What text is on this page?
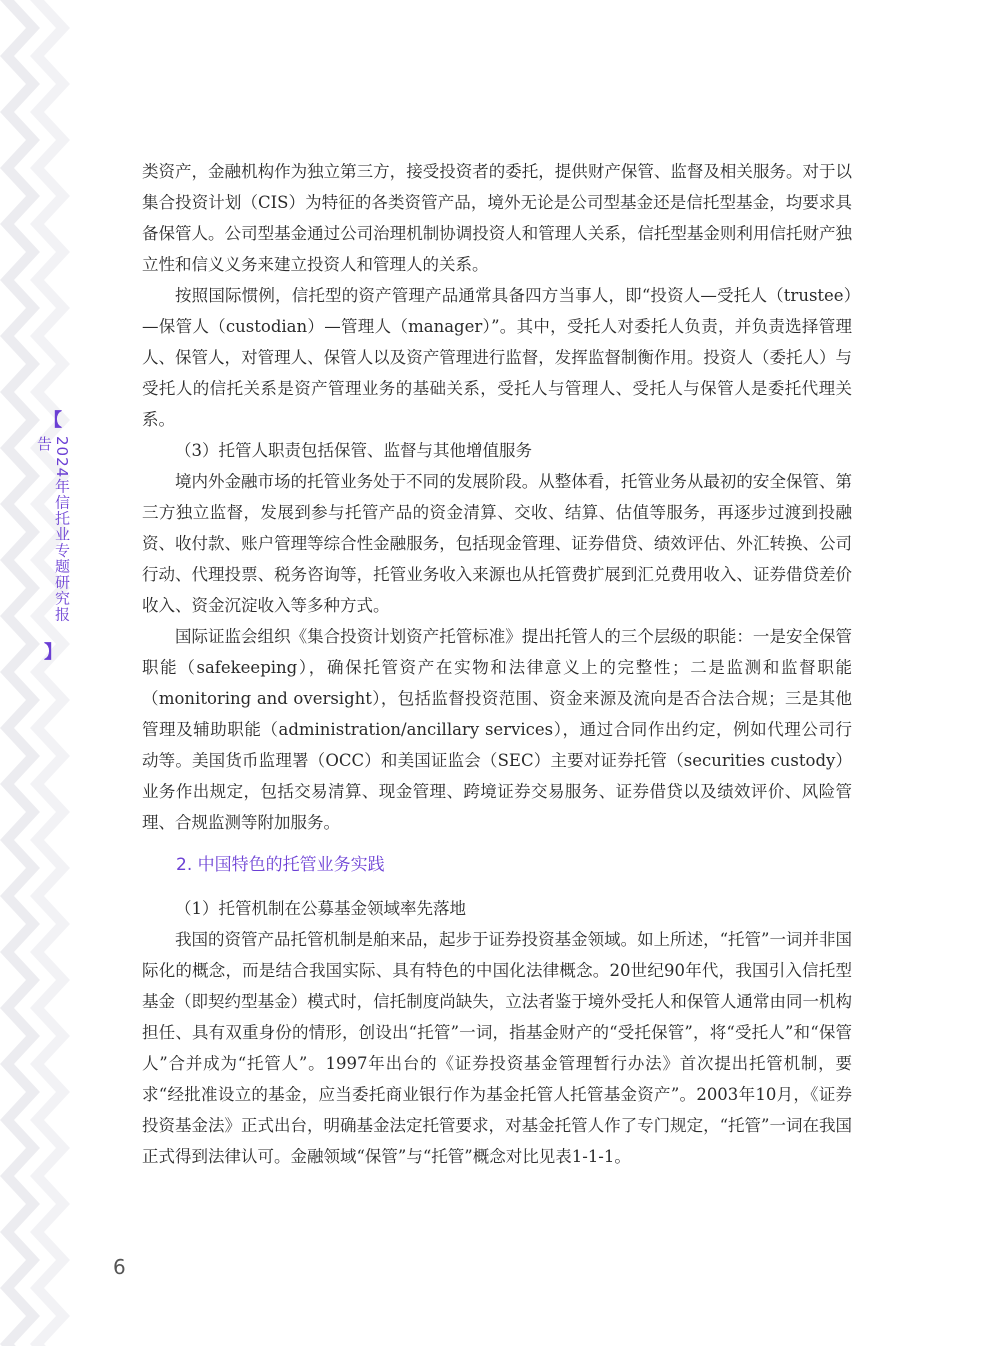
【
2024年信托业专题研究报告
】

类资产，金融机构作为独立第三方，接受投资者的委托，提供财产保管、监督及相关服务。对于以集合投资计划（CIS）为特征的各类资管产品，境外无论是公司型基金还是信托型基金，均要求具备保管人。公司型基金通过公司治理机制协调投资人和管理人关系，信托型基金则利用信托财产独立性和信义义务来建立投资人和管理人的关系。

按照国际惯例，信托型的资产管理产品通常具备四方当事人，即“投资人—受托人（trustee）—保管人（custodian）—管理人（manager）”。其中，受托人对委托人负责，并负责选择管理人、保管人，对管理人、保管人以及资产管理进行监督，发挥监督制衡作用。投资人（委托人）与受托人的信托关系是资产管理业务的基础关系，受托人与管理人、受托人与保管人是委托代理关系。

（3）托管人职责包括保管、监督与其他增值服务

境内外金融市场的托管业务处于不同的发展阶段。从整体看，托管业务从最初的安全保管、第三方独立监督，发展到参与托管产品的资金清算、交收、结算、估值等服务，再逐步过渡到投融资、收付款、账户管理等综合性金融服务，包括现金管理、证券借贷、绩效评估、外汇转换、公司行动、代理投票、税务咨询等，托管业务收入来源也从托管费扩展到汇兑费用收入、证券借贷差价收入、资金沉淀收入等多种方式。

国际证监会组织《集合投资计划资产托管标准》提出托管人的三个层级的职能：一是安全保管职能（safekeeping），确保托管资产在实物和法律意义上的完整性；二是监测和监督职能（monitoring and oversight），包括监督投资范围、资金来源及流向是否合法合规；三是其他管理及辅助职能（administration/ancillary services），通过合同作出约定，例如代理公司行动等。美国货币监理署（OCC）和美国证监会（SEC）主要对证券托管（securities custody）业务作出规定，包括交易清算、现金管理、跨境证券交易服务、证券借贷以及绩效评价、风险管理、合规监测等附加服务。

2. 中国特色的托管业务实践

（1）托管机制在公募基金领域率先落地

我国的资管产品托管机制是舶来品，起步于证券投资基金领域。如上所述，“托管”一词并非国际化的概念，而是结合我国实际、具有特色的中国化法律概念。20世纪90年代，我国引入信托型基金（即契约型基金）模式时，信托制度尚缺失，立法者鉴于境外受托人和保管人通常由同一机构担任、具有双重身份的情形，创设出“托管”一词，指基金财产的“受托保管”，将“受托人”和“保管人”合并成为“托管人”。1997年出台的《证券投资基金管理暂行办法》首次提出托管机制，要求“经批准设立的基金，应当委托商业银行作为基金托管人托管基金资产”。2003年10月，《证券投资基金法》正式出台，明确基金法定托管要求，对基金托管人作了专门规定，“托管”一词在我国正式得到法律认可。金融领域“保管”与“托管”概念对比见表1-1-1。

6
